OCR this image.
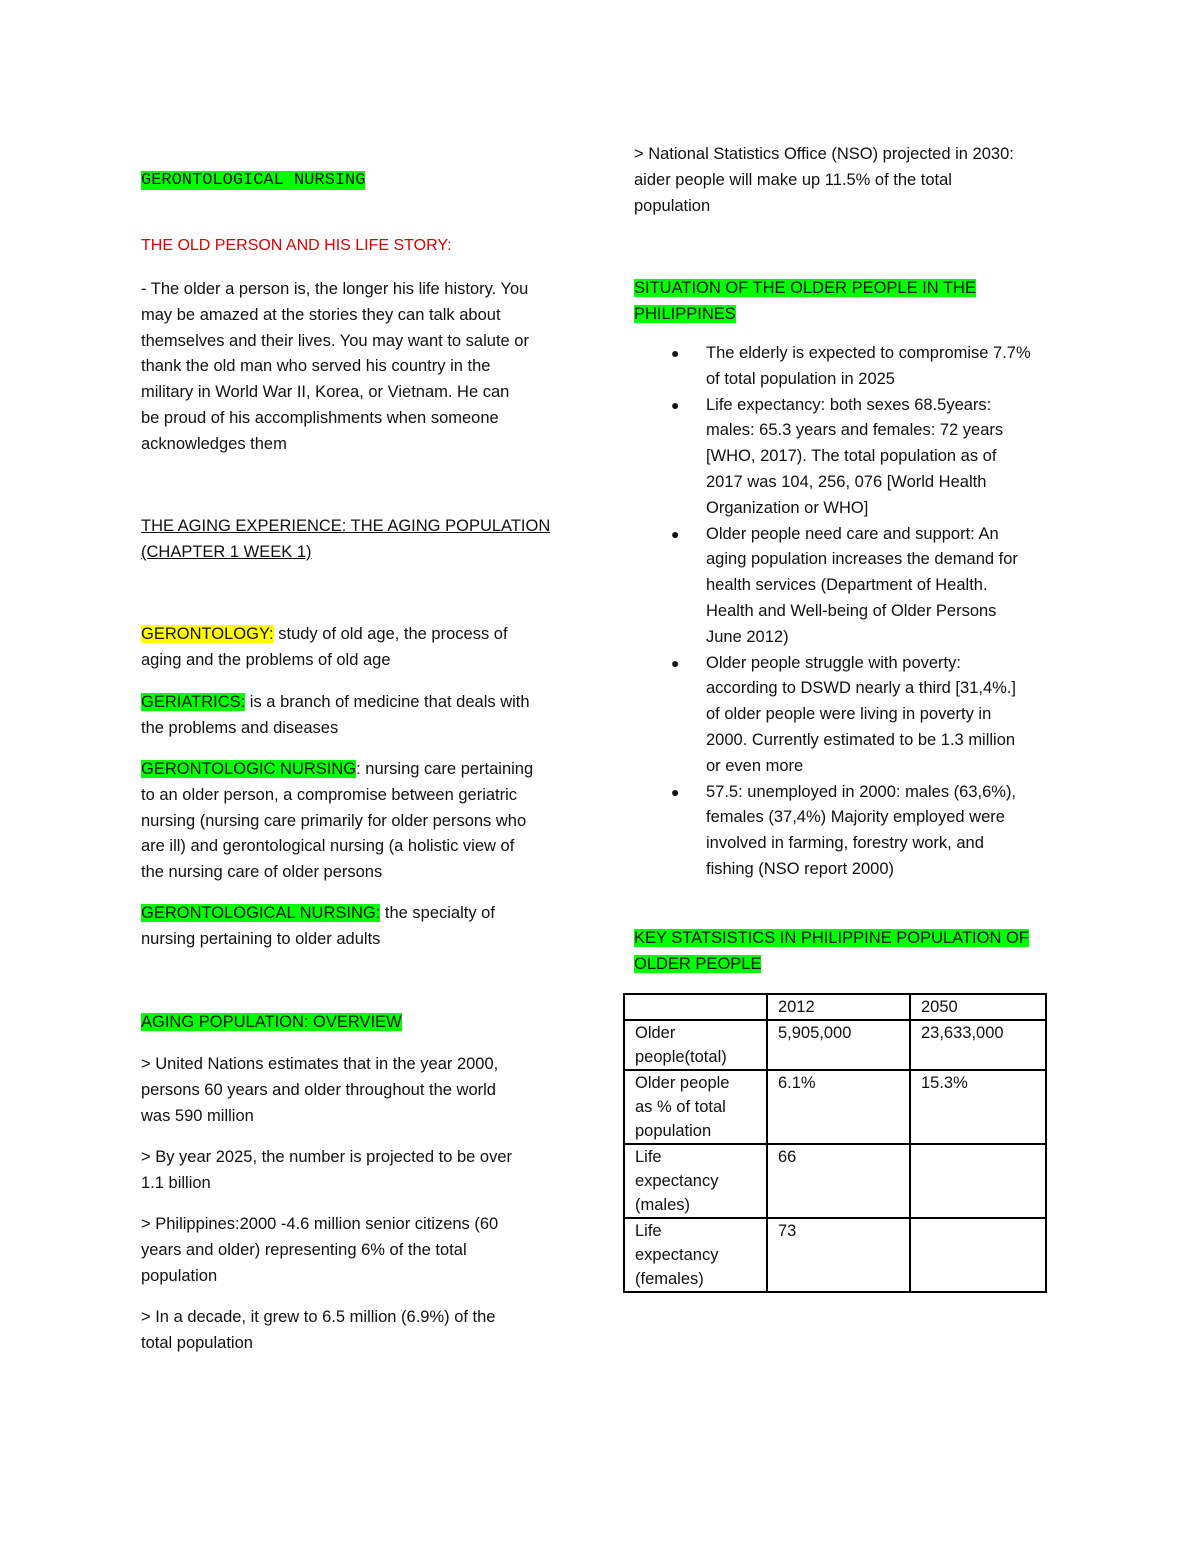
GERONTOLOGICAL NURSING
THE OLD PERSON AND HIS LIFE STORY:
- The older a person is, the longer his life history. You
may be amazed at the stories they can talk about
themselves and their lives. You may want to salute or
thank the old man who served his country in the
military in World War II, Korea, or Vietnam. He can
be proud of his accomplishments when someone
acknowledges them
THE AGING EXPERIENCE: THE AGING POPULATION
(CHAPTER 1 WEEK 1)
GERONTOLOGY: study of old age, the process of
aging and the problems of old age
GERIATRICS: is a branch of medicine that deals with
the problems and diseases
GERONTOLOGIC NURSING: nursing care pertaining
to an older person, a compromise between geriatric
nursing (nursing care primarily for older persons who
are ill) and gerontological nursing (a holistic view of
the nursing care of older persons
GERONTOLOGICAL NURSING: the specialty of
nursing pertaining to older adults
AGING POPULATION: OVERVIEW
> United Nations estimates that in the year 2000,
persons 60 years and older throughout the world
was 590 million
> By year 2025, the number is projected to be over
1.1 billion
> Philippines:2000 -4.6 million senior citizens (60
years and older) representing 6% of the total
population
> In a decade, it grew to 6.5 million (6.9%) of the
total population
> National Statistics Office (NSO) projected in 2030:
aider people will make up 11.5% of the total
population
SITUATION OF THE OLDER PEOPLE IN THE
PHILIPPINES
● The elderly is expected to compromise 7.7%
of total population in 2025
● Life expectancy: both sexes 68.5years:
males: 65.3 years and females: 72 years
[WHO, 2017). The total population as of
2017 was 104, 256, 076 [World Health
Organization or WHO]
● Older people need care and support: An
aging population increases the demand for
health services (Department of Health.
Health and Well-being of Older Persons
June 2012)
● Older people struggle with poverty:
according to DSWD nearly a third [31,4%.]
of older people were living in poverty in
2000. Currently estimated to be 1.3 million
or even more
● 57.5: unemployed in 2000: males (63,6%),
females (37,4%) Majority employed were
involved in farming, forestry work, and
fishing (NSO report 2000)
KEY STATSISTICS IN PHILIPPINE POPULATION OF
OLDER PEOPLE
	2012	2050

Older
people(total)	5,905,000	23,633,000

Older people
as % of total
population	6.1%	15.3%

Life
expectancy
(males)	66	

Life
expectancy
(females)	73	
